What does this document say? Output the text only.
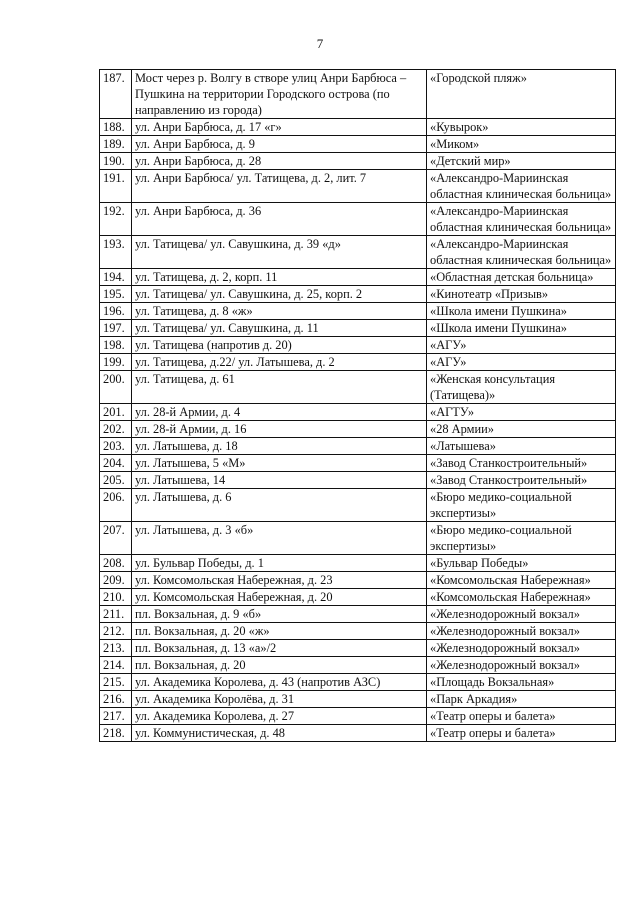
7
187.	Мост через р. Волгу в створе улиц Анри Барбюса – Пушкина на территории Городского острова (по направлению из города)	«Городской пляж»
188.	ул. Анри Барбюса, д. 17 «г»	«Кувырок»
189.	ул. Анри Барбюса, д. 9	«Миком»
190.	ул. Анри Барбюса, д. 28	«Детский мир»
191.	ул. Анри Барбюса/ ул. Татищева, д. 2, лит. 7	«Александро-Мариинская областная клиническая больница»
192.	ул. Анри Барбюса, д. 36	«Александро-Мариинская областная клиническая больница»
193.	ул. Татищева/ ул. Савушкина, д. 39 «д»	«Александро-Мариинская областная клиническая больница»
194.	ул. Татищева, д. 2, корп. 11	«Областная детская больница»
195.	ул. Татищева/ ул. Савушкина, д. 25, корп. 2	«Кинотеатр «Призыв»
196.	ул. Татищева, д. 8 «ж»	«Школа имени Пушкина»
197.	ул. Татищева/ ул. Савушкина, д. 11	«Школа имени Пушкина»
198.	ул. Татищева (напротив д. 20)	«АГУ»
199.	ул. Татищева, д.22/ ул. Латышева, д. 2	«АГУ»
200.	ул. Татищева, д. 61	«Женская консультация (Татищева)»
201.	ул. 28-й Армии, д. 4	«АГТУ»
202.	ул. 28-й Армии, д. 16	«28 Армии»
203.	ул. Латышева, д. 18	«Латышева»
204.	ул. Латышева, 5 «М»	«Завод Станкостроительный»
205.	ул. Латышева, 14	«Завод Станкостроительный»
206.	ул. Латышева, д. 6	«Бюро медико-социальной экспертизы»
207.	ул. Латышева, д. 3 «б»	«Бюро медико-социальной экспертизы»
208.	ул. Бульвар Победы, д. 1	«Бульвар Победы»
209.	ул. Комсомольская Набережная, д. 23	«Комсомольская Набережная»
210.	ул. Комсомольская Набережная, д. 20	«Комсомольская Набережная»
211.	пл. Вокзальная, д. 9 «б»	«Железнодорожный вокзал»
212.	пл. Вокзальная, д. 20 «ж»	«Железнодорожный вокзал»
213.	пл. Вокзальная, д. 13 «а»/2	«Железнодорожный вокзал»
214.	пл. Вокзальная, д. 20	«Железнодорожный вокзал»
215.	ул. Академика Королева, д. 43 (напротив АЗС)	«Площадь Вокзальная»
216.	ул. Академика Королёва, д. 31	«Парк Аркадия»
217.	ул. Академика Королева, д. 27	«Театр оперы и балета»
218.	ул. Коммунистическая, д. 48	«Театр оперы и балета»
